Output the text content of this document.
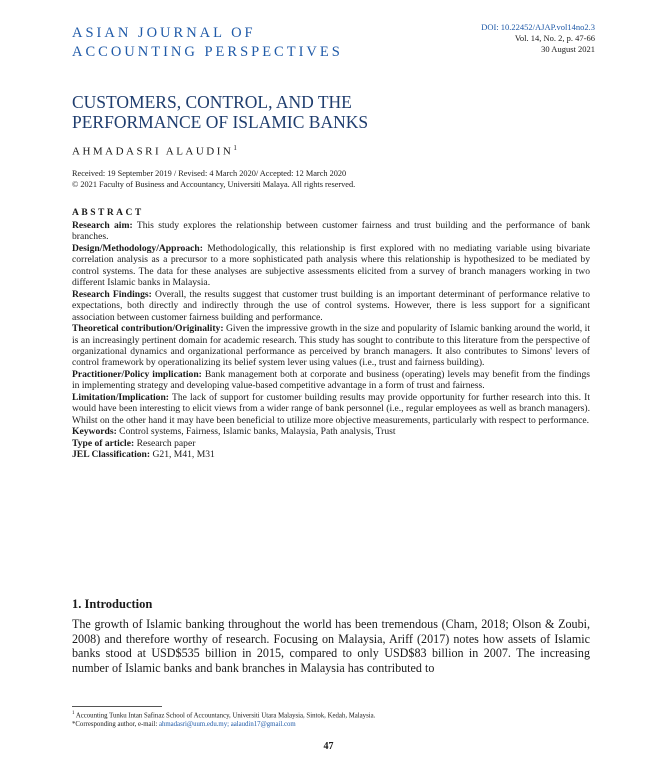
ASIAN JOURNAL OF
ACCOUNTING PERSPECTIVES
DOI: 10.22452/AJAP.vol14no2.3
Vol. 14, No. 2, p. 47-66
30 August 2021
CUSTOMERS, CONTROL, AND THE
PERFORMANCE OF ISLAMIC BANKS
AHMADASRI ALAUDIN$^1$
Received: 19 September 2019 / Revised: 4 March 2020/ Accepted: 12 March 2020
© 2021 Faculty of Business and Accountancy, Universiti Malaya. All rights reserved.
ABSTRACT

Research aim: This study explores the relationship between customer fairness and trust building and the performance of bank branches.

Design/Methodology/Approach: Methodologically, this relationship is first explored with no mediating variable using bivariate correlation analysis as a precursor to a more sophisticated path analysis where this relationship is hypothesized to be mediated by control systems. The data for these analyses are subjective assessments elicited from a survey of branch managers working in two different Islamic banks in Malaysia.

Research Findings: Overall, the results suggest that customer trust building is an important determinant of performance relative to expectations, both directly and indirectly through the use of control systems. However, there is less support for a significant association between customer fairness building and performance.

Theoretical contribution/Originality: Given the impressive growth in the size and popularity of Islamic banking around the world, it is an increasingly pertinent domain for academic research. This study has sought to contribute to this literature from the perspective of organizational dynamics and organizational performance as perceived by branch managers. It also contributes to Simons' levers of control framework by operationalizing its belief system lever using values (i.e., trust and fairness building).

Practitioner/Policy implication: Bank management both at corporate and business (operating) levels may benefit from the findings in implementing strategy and developing value-based competitive advantage in a form of trust and fairness.

Limitation/Implication: The lack of support for customer building results may provide opportunity for further research into this. It would have been interesting to elicit views from a wider range of bank personnel (i.e., regular employees as well as branch managers). Whilst on the other hand it may have been beneficial to utilize more objective measurements, particularly with respect to performance.

Keywords: Control systems, Fairness, Islamic banks, Malaysia, Path analysis, Trust

Type of article: Research paper

JEL Classification: G21, M41, M31

1. Introduction

The growth of Islamic banking throughout the world has been tremendous (Cham, 2018; Olson & Zoubi, 2008) and therefore worthy of research. Focusing on Malaysia, Ariff (2017) notes how assets of Islamic banks stood at USD$535 billion in 2015, compared to only USD$83 billion in 2007. The increasing number of Islamic banks and bank branches in Malaysia has contributed to

$^1$ Accounting Tunku Intan Safinaz School of Accountancy, Universiti Utara Malaysia, Sintok, Kedah, Malaysia.
*Corresponding author, e-mail: ahmadasri@uum.edu.my; aalaudin17@gmail.com
47
